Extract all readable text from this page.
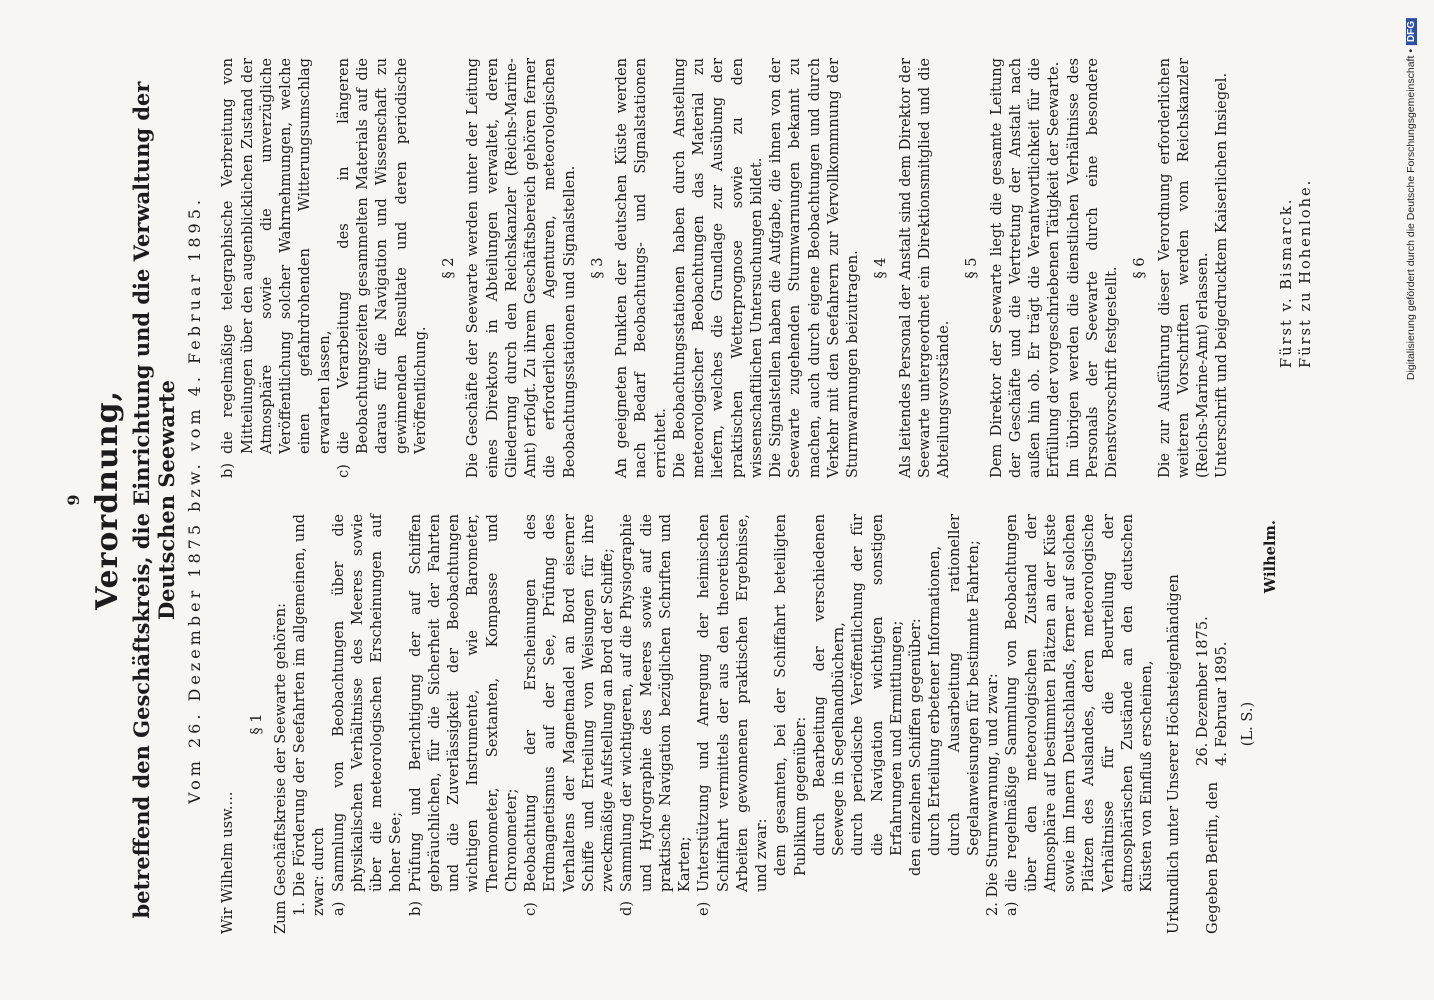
9 Verordnung, betreffend den Geschäftskreis, die Einrichtung und die Verwaltung der Deutschen Seewarte Vom 26. Dezember 1875 bzw. vom 4. Februar 1895.

Wir Wilhelm usw....

§ 1 Zum Geschäftskreise der Seewarte gehören: 1. Die Förderung der Seefahrten im allgemeinen, und zwar: durch a)
Sammlung von Beobachtungen über die physikalischen Verhältnisse des Meeres sowie über die meteorologischen Erscheinungen auf hoher See;
b)
Prüfung und Berichtigung der auf Schiffen gebräuchlichen, für die Sicherheit der Fahrten und die Zuverlässigkeit der Beobachtungen wichtigen Instrumente, wie Barometer, Thermometer, Sextanten, Kompasse und Chronometer;
c)
Beobachtung der Erscheinungen des Erdmagnetismus auf der See, Prüfung des Verhaltens der Magnetnadel an Bord eiserner Schiffe und Erteilung von Weisungen für ihre zweckmäßige Aufstellung an Bord der Schiffe;
d)
Sammlung der wichtigeren, auf die Physiographie und Hydrographie des Meeres sowie auf die praktische Navigation bezüglichen Schriften und Karten;
e)
Unterstützung und Anregung der heimischen Schiffahrt vermittels der aus den theoretischen Arbeiten gewonnenen praktischen Ergebnisse, und zwar: dem gesamten, bei der Schiffahrt beteiligten Publikum gegenüber: durch Bearbeitung der verschiedenen Seewege in Segelhandbüchern, durch periodische Veröffentlichung der für die Navigation wichtigen sonstigen Erfahrungen und Ermittlungen; den einzelnen Schiffen gegenüber: durch Erteilung erbetener Informationen, durch Ausarbeitung rationeller Segelanweisungen für bestimmte Fahrten; 2. Die Sturmwarnung, und zwar: a)
die regelmäßige Sammlung von Beobachtungen über den meteorologischen Zustand der Atmosphäre auf bestimmten Plätzen an der Küste sowie im Innern Deutschlands, ferner auf solchen Plätzen des Auslandes, deren meteorologische Verhältnisse für die Beurteilung der atmosphärischen Zustände an den deutschen Küsten von Einfluß erscheinen, Urkundlich unter Unserer Höchsteigenhändigen Gegeben Berlin, den
26. Dezember 1875. 4. Februar 1895. (L. S.)
Wilhelm.
b)
die regelmäßige telegraphische Verbreitung von Mitteilungen über den augenblicklichen Zustand der Atmosphäre sowie die unverzügliche Veröffentlichung solcher Wahrnehmungen, welche einen gefahrdrohenden Witterungsumschlag erwarten lassen,
c)
die Verarbeitung des in längeren Beobachtungszeiten gesammelten Materials auf die daraus für die Navigation und Wissenschaft zu gewinnenden Resultate und deren periodische Veröffentlichung.
§ 2 Die Geschäfte der Seewarte werden unter der Leitung eines Direktors in Abteilungen verwaltet, deren Gliederung durch den Reichskanzler (Reichs-Marine-Amt) erfolgt. Zu ihrem Geschäftsbereich gehören ferner die erforderlichen Agenturen, meteorologischen Beobachtungsstationen und Signalstellen. § 3 An geeigneten Punkten der deutschen Küste werden nach Bedarf Beobachtungs- und Signalstationen errichtet. Die Beobachtungsstationen haben durch Anstellung meteorologischer Beobachtungen das Material zu liefern, welches die Grundlage zur Ausübung der praktischen Wetterprognose sowie zu den wissenschaftlichen Untersuchungen bildet. Die Signalstellen haben die Aufgabe, die ihnen von der Seewarte zugehenden Sturmwarnungen bekannt zu machen, auch durch eigene Beobachtungen und durch Verkehr mit den Seefahrern zur Vervollkommnung der Sturmwarnungen beizutragen. § 4 Als leitendes Personal der Anstalt sind dem Direktor der Seewarte untergeordnet ein Direktionsmitglied und die Abteilungsvorstände.

§ 5 Dem Direktor der Seewarte liegt die gesamte Leitung der Geschäfte und die Vertretung der Anstalt nach außen hin ob. Er trägt die Verantwortlichkeit für die Erfüllung der vorgeschriebenen Tätigkeit der Seewarte. Im übrigen werden die dienstlichen Verhältnisse des Personals der Seewarte durch eine besondere Dienstvorschrift festgestellt. § 6 Die zur Ausführung dieser Verordnung erforderlichen weiteren Vorschriften werden vom Reichskanzler (Reichs-Marine-Amt) erlassen. Unterschrift und beigedrucktem Kaiserlichen Insiegel.	Fürst v. Bismarck. Fürst zu Hohenlohe.	Digitalisierung gefördert durch die Deutsche Forschungsgemeinschaft •DFG
